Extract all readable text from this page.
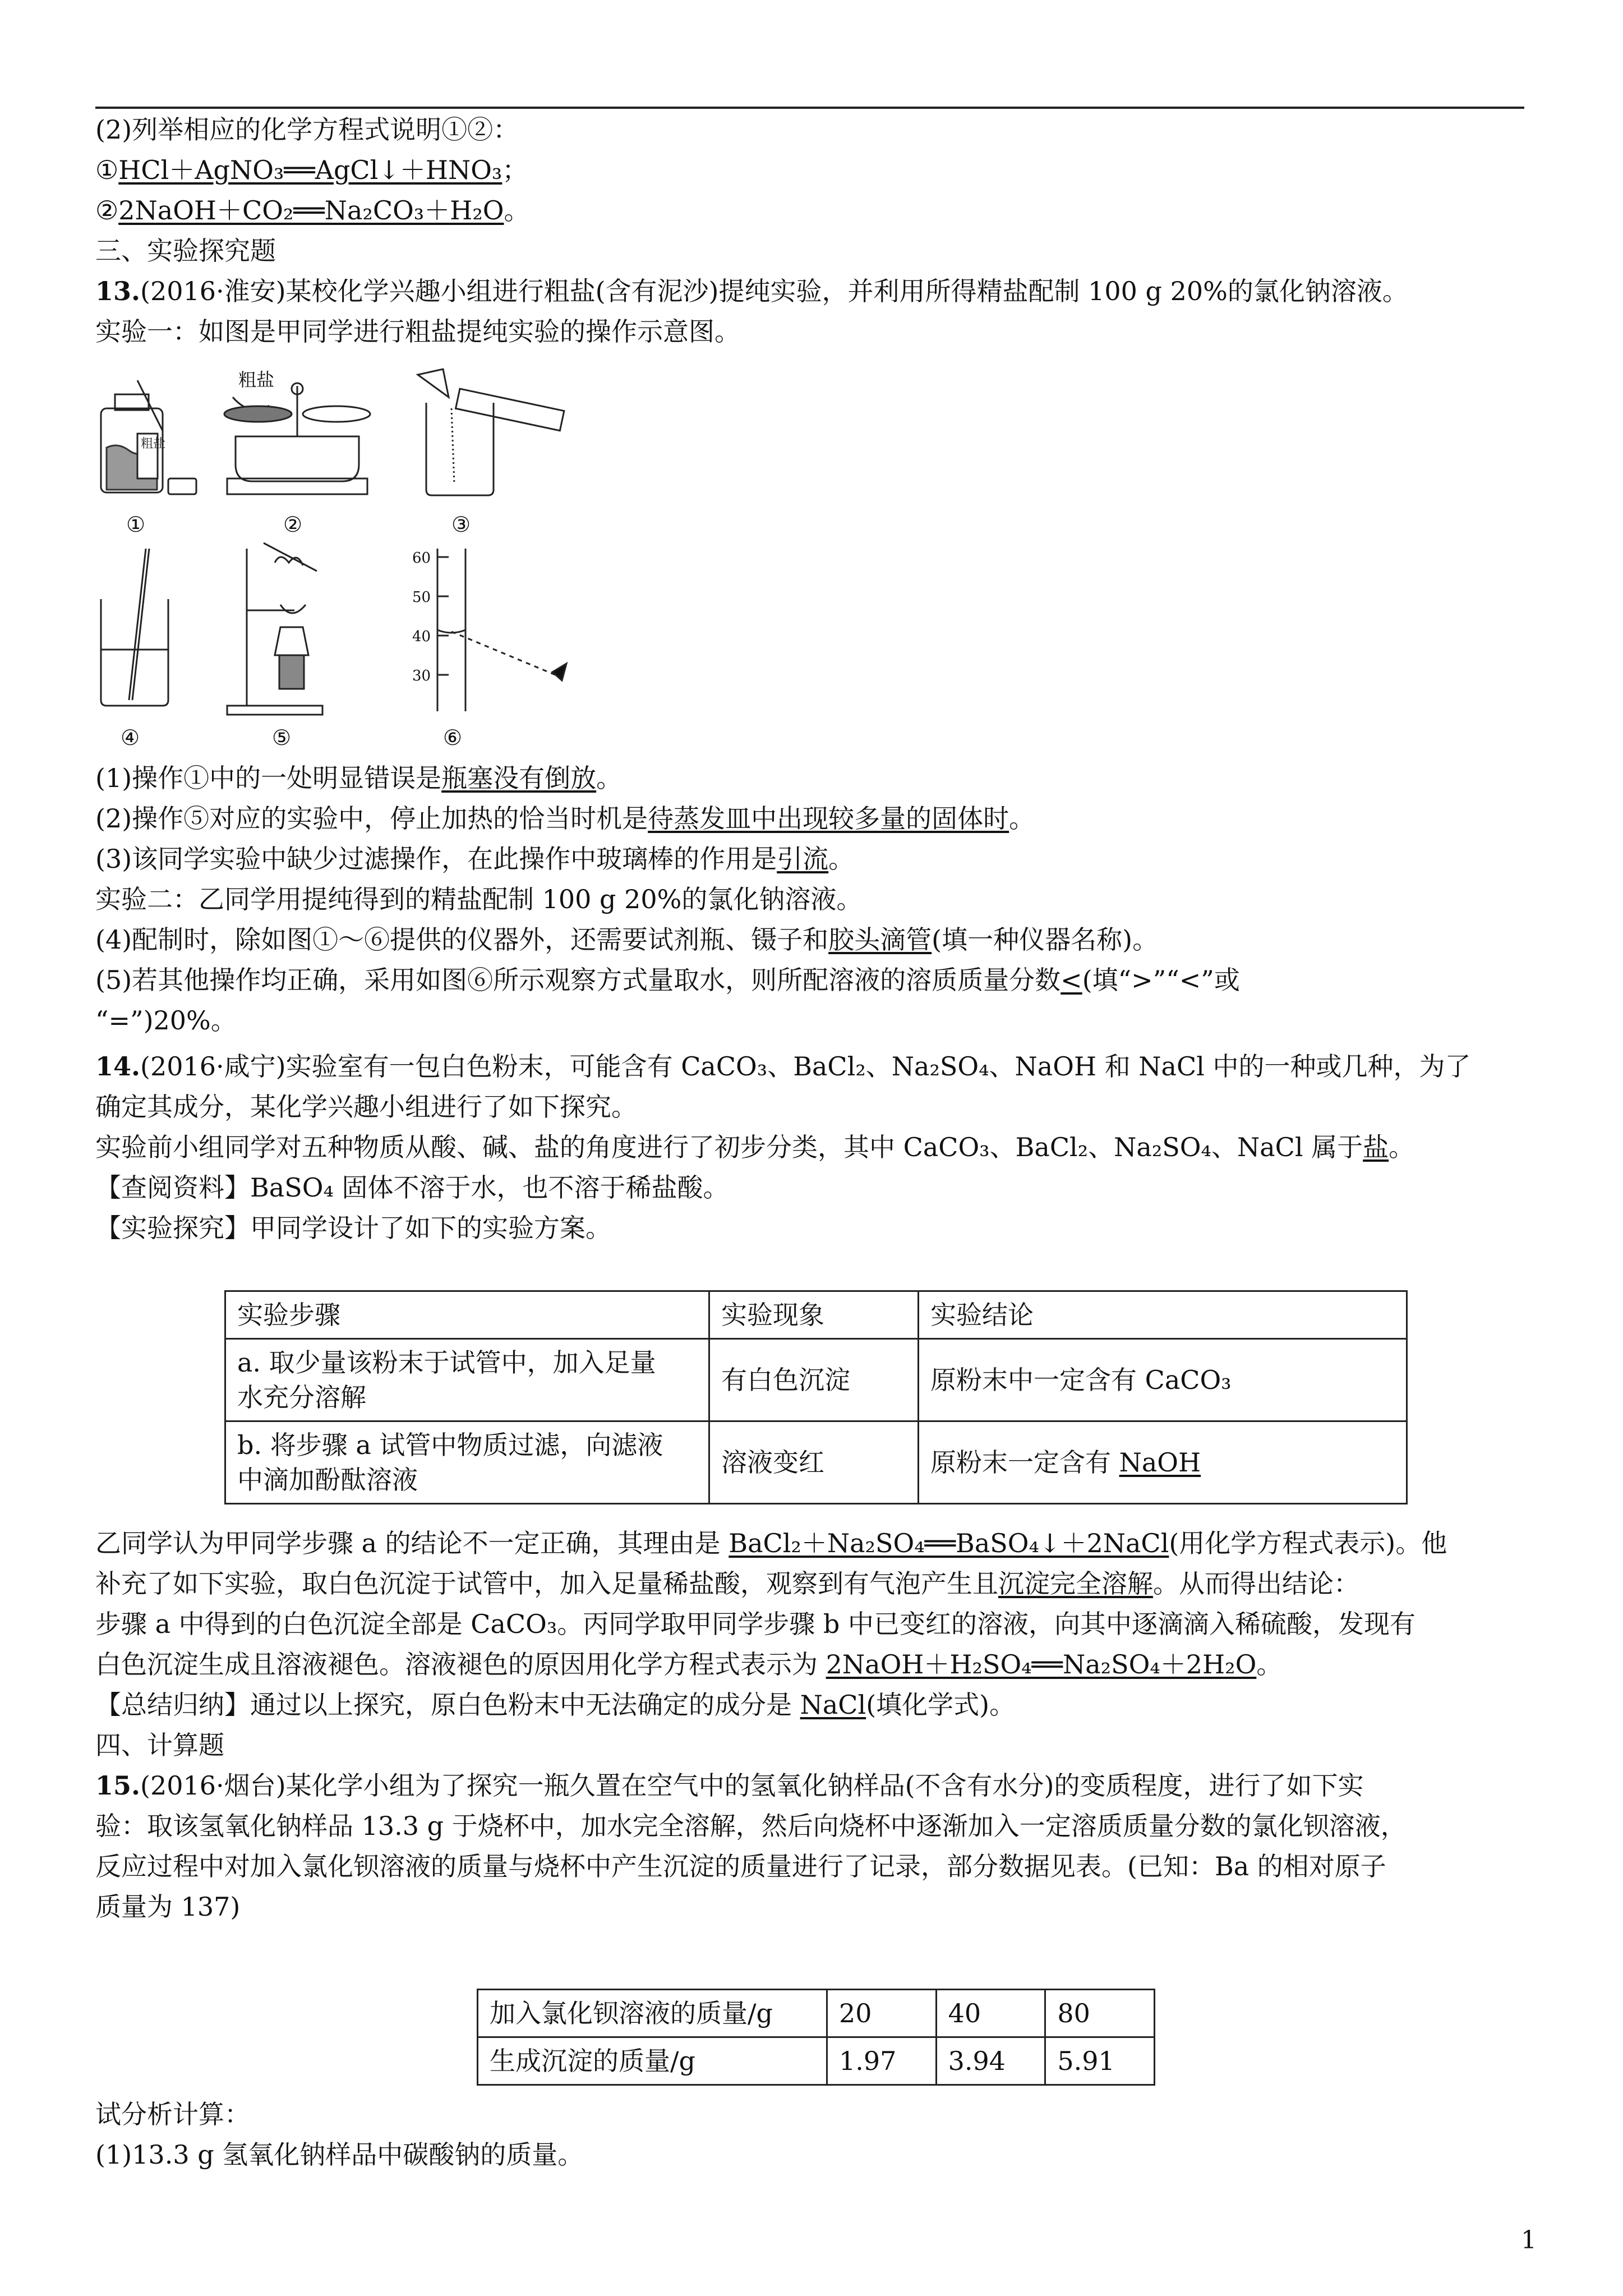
(2)列举相应的化学方程式说明①②：
①HCl＋AgNO₃══AgCl↓＋HNO₃；
②2NaOH＋CO₂══Na₂CO₃＋H₂O。
三、实验探究题
13.(2016·淮安)某校化学兴趣小组进行粗盐(含有泥沙)提纯实验，并利用所得精盐配制 100 g 20%的氯化钠溶液。
实验一：如图是甲同学进行粗盐提纯实验的操作示意图。
粗盐
①
粗盐
②	③
④	⑤
60
50
40
30
⑥
(1)操作①中的一处明显错误是瓶塞没有倒放。
(2)操作⑤对应的实验中，停止加热的恰当时机是待蒸发皿中出现较多量的固体时。
(3)该同学实验中缺少过滤操作，在此操作中玻璃棒的作用是引流。
实验二：乙同学用提纯得到的精盐配制 100 g 20%的氯化钠溶液。
(4)配制时，除如图①～⑥提供的仪器外，还需要试剂瓶、镊子和胶头滴管(填一种仪器名称)。
(5)若其他操作均正确，采用如图⑥所示观察方式量取水，则所配溶液的溶质质量分数<(填“>”“<”或
“=”)20%。
14.(2016·咸宁)实验室有一包白色粉末，可能含有 CaCO₃、BaCl₂、Na₂SO₄、NaOH 和 NaCl 中的一种或几种，为了
确定其成分，某化学兴趣小组进行了如下探究。
实验前小组同学对五种物质从酸、碱、盐的角度进行了初步分类，其中 CaCO₃、BaCl₂、Na₂SO₄、NaCl 属于盐。
【查阅资料】BaSO₄ 固体不溶于水，也不溶于稀盐酸。
【实验探究】甲同学设计了如下的实验方案。
实验步骤	实验现象	实验结论

a. 取少量该粉末于试管中，加入足量
水充分溶解	有白色沉淀	原粉末中一定含有 CaCO₃

b. 将步骤 a 试管中物质过滤，向滤液
中滴加酚酞溶液	溶液变红	原粉末一定含有 NaOH
乙同学认为甲同学步骤 a 的结论不一定正确，其理由是 BaCl₂＋Na₂SO₄══BaSO₄↓＋2NaCl(用化学方程式表示)。他
补充了如下实验，取白色沉淀于试管中，加入足量稀盐酸，观察到有气泡产生且沉淀完全溶解。从而得出结论：
步骤 a 中得到的白色沉淀全部是 CaCO₃。丙同学取甲同学步骤 b 中已变红的溶液，向其中逐滴滴入稀硫酸，发现有
白色沉淀生成且溶液褪色。溶液褪色的原因用化学方程式表示为 2NaOH＋H₂SO₄══Na₂SO₄＋2H₂O。
【总结归纳】通过以上探究，原白色粉末中无法确定的成分是 NaCl(填化学式)。
四、计算题
15.(2016·烟台)某化学小组为了探究一瓶久置在空气中的氢氧化钠样品(不含有水分)的变质程度，进行了如下实
验：取该氢氧化钠样品 13.3 g 于烧杯中，加水完全溶解，然后向烧杯中逐渐加入一定溶质质量分数的氯化钡溶液，
反应过程中对加入氯化钡溶液的质量与烧杯中产生沉淀的质量进行了记录，部分数据见表。(已知：Ba 的相对原子
质量为 137)
加入氯化钡溶液的质量/g	20	40	80
生成沉淀的质量/g	1.97	3.94	5.91
试分析计算：
(1)13.3 g 氢氧化钠样品中碳酸钠的质量。
1
